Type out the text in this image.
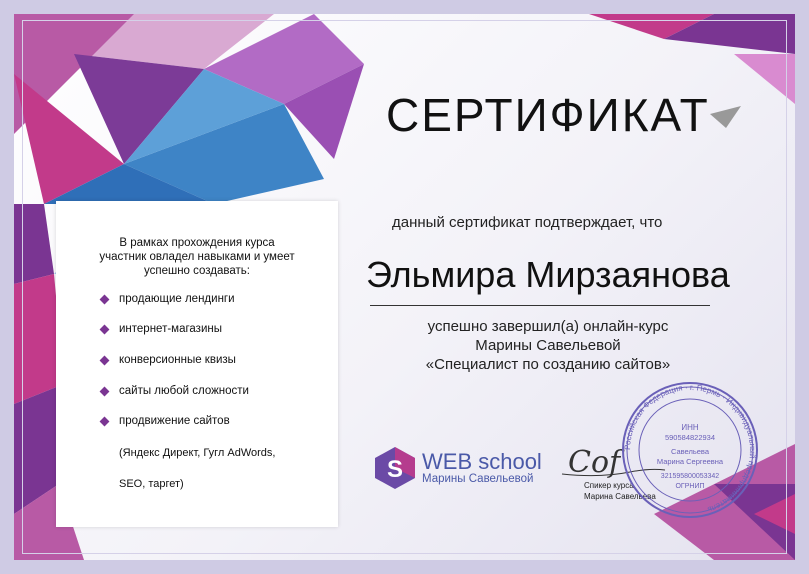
СЕРТИФИКАТ
данный сертификат подтверждает, что
Эльмира Мирзаянова
успешно завершил(а) онлайн-курс
Марины Савельевой
«Специалист по созданию сайтов»
В рамках прохождения курса
участник овладел навыками и умеет
успешно создавать:
продающие лендинги
интернет-магазины
конверсионные квизы
сайты любой сложности
продвижение сайтов
(Яндекс Директ, Гугл AdWords,
SEO, таргет)
S WEB school
Марины Савельевой Cof
Спикер курса
Марина Савельева
Российская Федерация · г. Пермь · Индивидуальный предприниматель
ИНН
590584822934
Савельева
Марина Сергеевна
321595800053342
ОГРНИП
